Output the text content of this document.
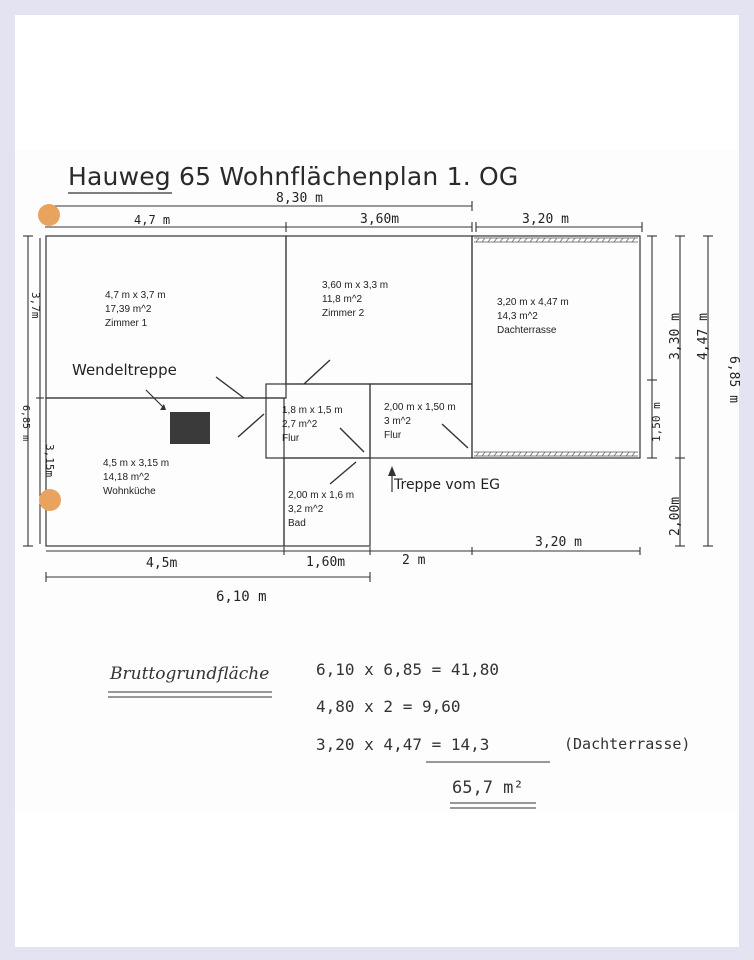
Hauweg 65 Wohnflächenplan 1. OG
8,30 m
4,7 m	3,60m	3,20 m
4,7 m x 3,7 m
17,39 m^2
Zimmer 1
3,60 m x 3,3 m
11,8 m^2
Zimmer 2
3,20 m x 4,47 m
14,3 m^2
Dachterrasse
1,8 m x 1,5 m
2,7 m^2
Flur
2,00 m x 1,50 m
3 m^2
Flur
4,5 m x 3,15 m
14,18 m^2
Wohnküche	2,00 m x 1,6 m
3,2 m^2
Bad
Wendeltreppe
Treppe vom EG
3,7m
6,85 m
3,15m
4,5m	1,60m	2 m
3,20 m
6,10 m
3,30 m
1,50 m
4,47 m
2,00m
6,85 m
Bruttogrundfläche	6,10 x 6,85 = 41,80
4,80 x 2 = 9,60
3,20 x 4,47 = 14,3	(Dachterrasse)
65,7 m²
